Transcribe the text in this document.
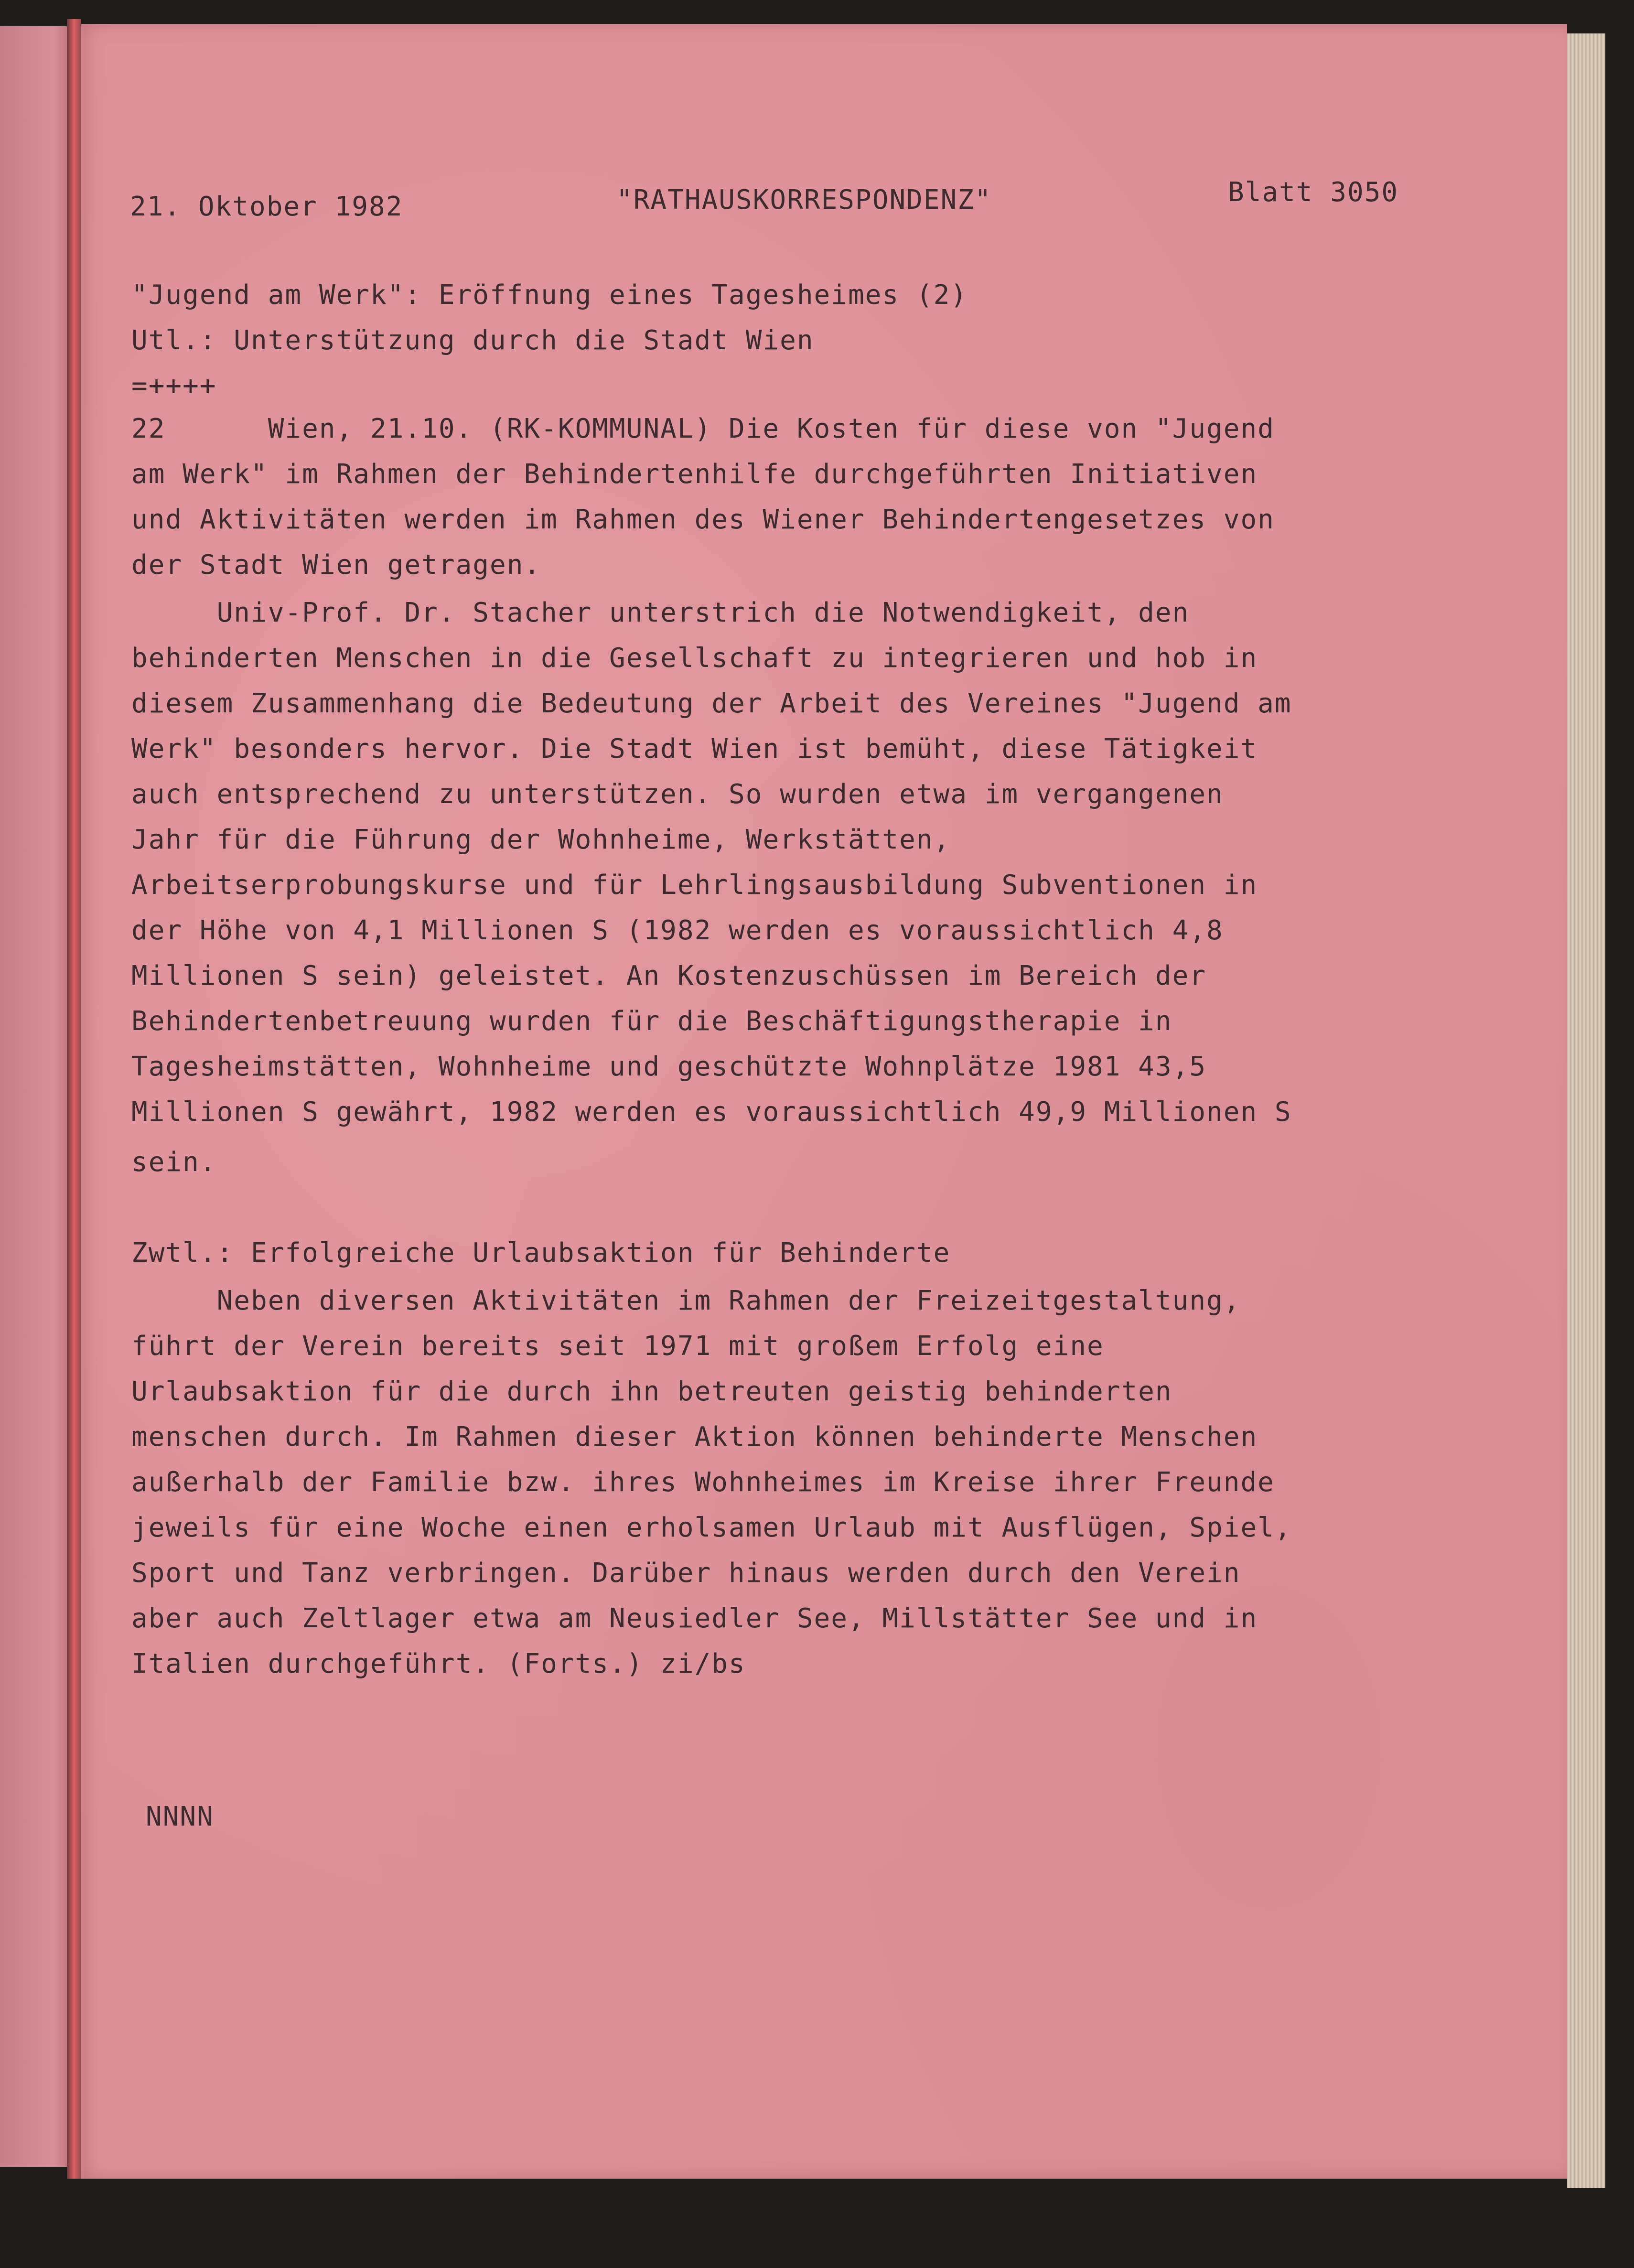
21. Oktober 1982	"RATHAUSKORRESPONDENZ"	Blatt 3050
"Jugend am Werk": Eröffnung eines Tagesheimes (2)
Utl.: Unterstützung durch die Stadt Wien
=++++
22      Wien, 21.10. (RK-KOMMUNAL) Die Kosten für diese von "Jugend
am Werk" im Rahmen der Behindertenhilfe durchgeführten Initiativen
und Aktivitäten werden im Rahmen des Wiener Behindertengesetzes von
der Stadt Wien getragen.
Univ-Prof. Dr. Stacher unterstrich die Notwendigkeit, den
behinderten Menschen in die Gesellschaft zu integrieren und hob in
diesem Zusammenhang die Bedeutung der Arbeit des Vereines "Jugend am
Werk" besonders hervor. Die Stadt Wien ist bemüht, diese Tätigkeit
auch entsprechend zu unterstützen. So wurden etwa im vergangenen
Jahr für die Führung der Wohnheime, Werkstätten,
Arbeitserprobungskurse und für Lehrlingsausbildung Subventionen in
der Höhe von 4,1 Millionen S (1982 werden es voraussichtlich 4,8
Millionen S sein) geleistet. An Kostenzuschüssen im Bereich der
Behindertenbetreuung wurden für die Beschäftigungstherapie in
Tagesheimstätten, Wohnheime und geschützte Wohnplätze 1981 43,5
Millionen S gewährt, 1982 werden es voraussichtlich 49,9 Millionen S
sein.
Zwtl.: Erfolgreiche Urlaubsaktion für Behinderte
Neben diversen Aktivitäten im Rahmen der Freizeitgestaltung,
führt der Verein bereits seit 1971 mit großem Erfolg eine
Urlaubsaktion für die durch ihn betreuten geistig behinderten
menschen durch. Im Rahmen dieser Aktion können behinderte Menschen
außerhalb der Familie bzw. ihres Wohnheimes im Kreise ihrer Freunde
jeweils für eine Woche einen erholsamen Urlaub mit Ausflügen, Spiel,
Sport und Tanz verbringen. Darüber hinaus werden durch den Verein
aber auch Zeltlager etwa am Neusiedler See, Millstätter See und in
Italien durchgeführt. (Forts.) zi/bs
NNNN
